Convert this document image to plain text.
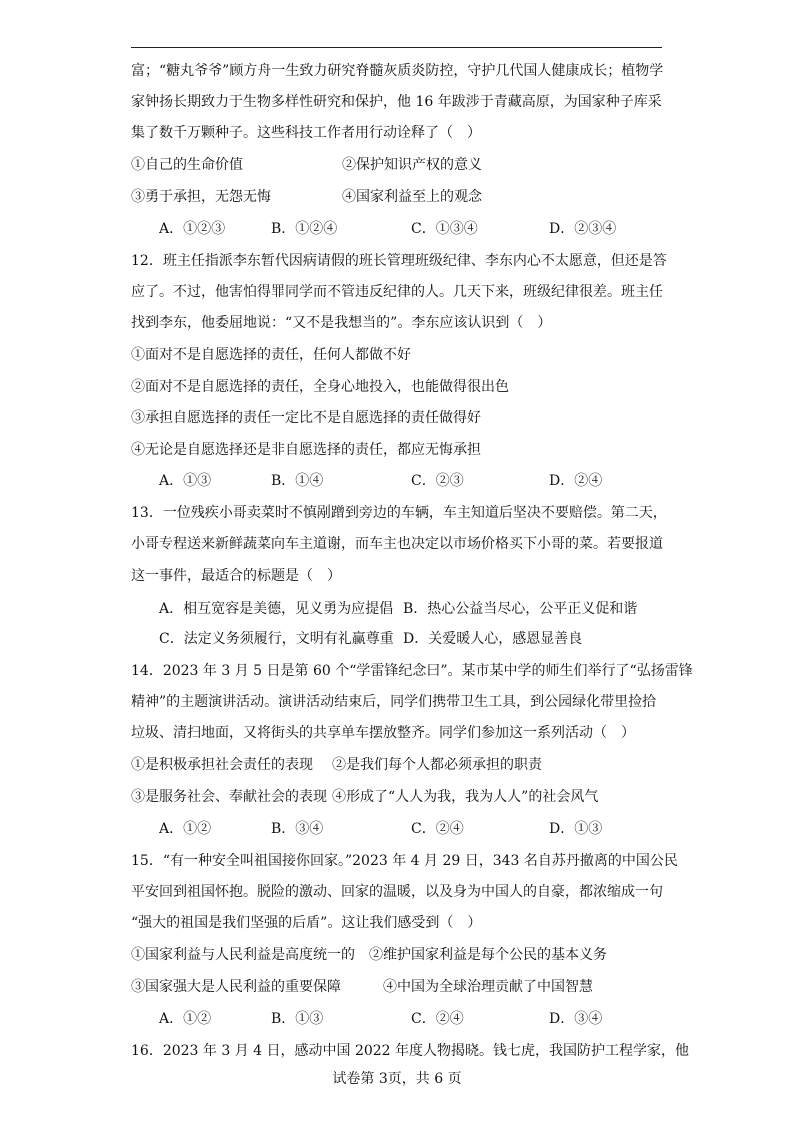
富；“糖丸爷爷”顾方舟一生致力研究脊髓灰质炎防控，守护几代国人健康成长；植物学
家钟扬长期致力于生物多样性研究和保护，他 16 年跋涉于青藏高原，为国家种子库采
集了数千万颗种子。这些科技工作者用行动诠释了（　）
①自己的生命价值	②保护知识产权的意义
③勇于承担，无怨无悔	④国家利益至上的观念
A．①②③	B．①②④	C．①③④	D．②③④
12．班主任指派李东暂代因病请假的班长管理班级纪律、李东内心不太愿意，但还是答
应了。不过，他害怕得罪同学而不管违反纪律的人。几天下来，班级纪律很差。班主任
找到李东，他委屈地说：“又不是我想当的”。李东应该认识到（　）
①面对不是自愿选择的责任，任何人都做不好
②面对不是自愿选择的责任，全身心地投入，也能做得很出色
③承担自愿选择的责任一定比不是自愿选择的责任做得好
④无论是自愿选择还是非自愿选择的责任，都应无悔承担
A．①③	B．①④	C．②③	D．②④
13．一位残疾小哥卖菜时不慎剐蹭到旁边的车辆，车主知道后坚决不要赔偿。第二天，
小哥专程送来新鲜蔬菜向车主道谢，而车主也决定以市场价格买下小哥的菜。若要报道
这一事件，最适合的标题是（　）
A．相互宽容是美德，见义勇为应提倡 B．热心公益当尽心，公平正义促和谐
C．法定义务须履行，文明有礼赢尊重 D．关爱暖人心，感恩显善良
14．2023 年 3 月 5 日是第 60 个“学雷锋纪念曰”。某市某中学的师生们举行了“弘扬雷锋
精神”的主题演讲活动。演讲活动结束后，同学们携带卫生工具，到公园绿化带里捡拾
垃圾、清扫地面，又将街头的共享单车摆放整齐。同学们参加这一系列活动（　）
①是积极承担社会责任的表现 ②是我们每个人都必须承担的职责
③是服务社会、奉献社会的表现 ④形成了“人人为我，我为人人”的社会风气
A．①②	B．③④	C．②④	D．①③
15．“有一种安全叫祖国接你回家。”2023 年 4 月 29 日，343 名自苏丹撤离的中国公民
平安回到祖国怀抱。脱险的激动、回家的温暖，以及身为中国人的自豪，都浓缩成一句
“强大的祖国是我们坚强的后盾”。这让我们感受到（　）
①国家利益与人民利益是高度统一的 ②维护国家利益是每个公民的基本义务
③国家强大是人民利益的重要保障	④中国为全球治理贡献了中国智慧
A．①②	B．①③	C．②④	D．③④
16．2023 年 3 月 4 日，感动中国 2022 年度人物揭晓。钱七虎，我国防护工程学家，他
试卷第 3页，共 6 页
